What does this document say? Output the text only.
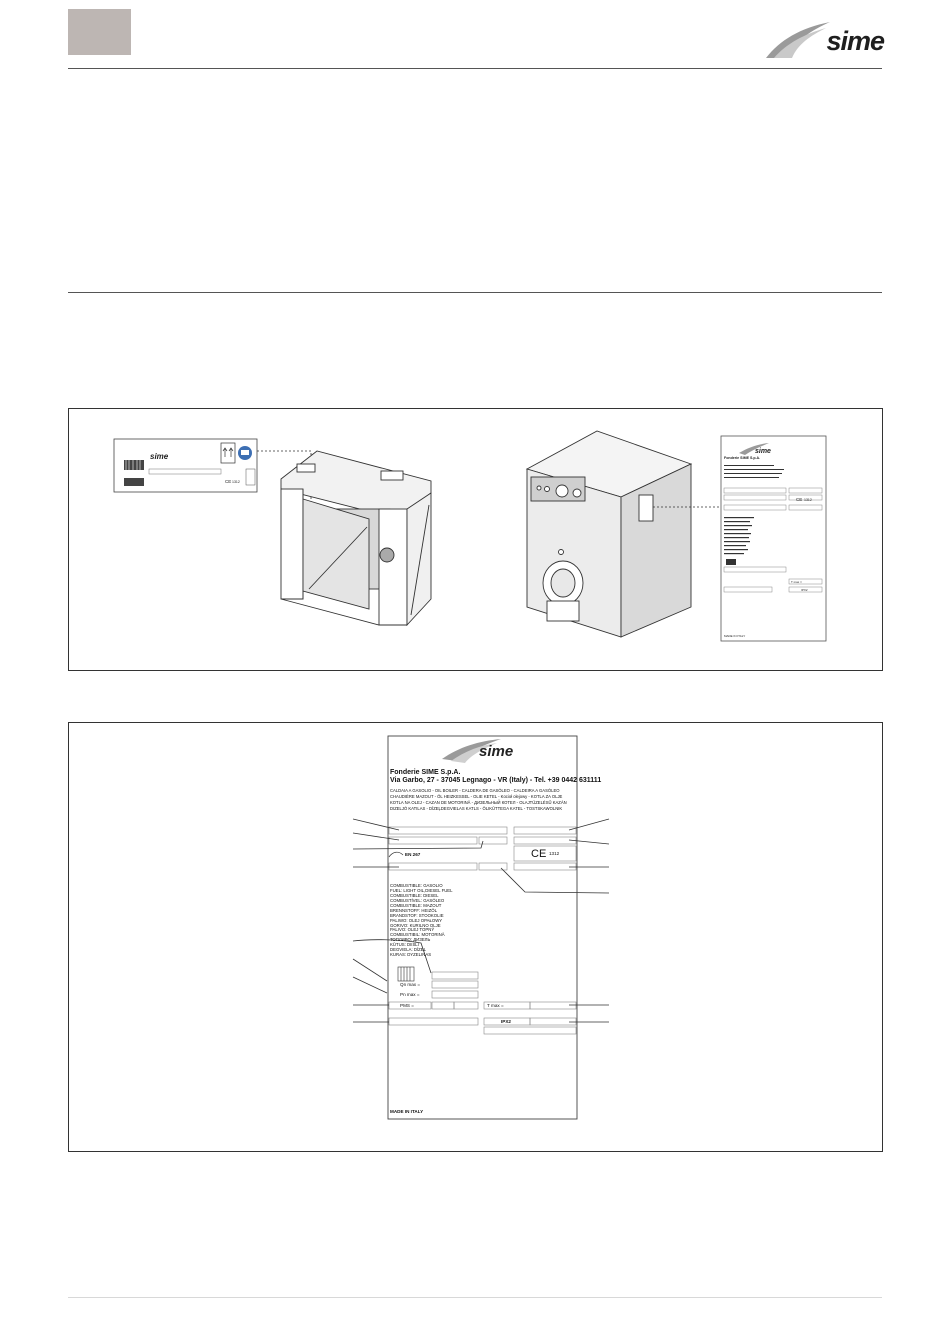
sime
sime
CE 1312
sime
Fonderie SIME S.p.A.
CE 1312
T max =
IPX2
MADE IN ITALY
sime
Fonderie SIME S.p.A.
Via Garbo, 27 - 37045 Legnago - VR (Italy) - Tel. +39 0442 631111
CALDAIA A GASOLIO - OIL BOILER - CALDERA DE GASÓLEO - CALDEIRA A GASÓLEO
CHAUDIÈRE MAZOUT - ÖL HEIZKESSEL - OLIE KETEL - Kocioł olejowy - KOTLA ZA OLJE
KOTLA NA OLEJ - CAZAN DE MOTORINĂ - ДИЗЕЛЬНЫЙ КОТЕЛ - OLAJTÜZELÉSŰ KAZÁN
DIZELJÓ KATILAS - DĪZEĻDEGVIELAS KATLS - ÕLIKÜTTEGA KATEL - TOSTSKAWOLNIK
EN 267	CE 1312
COMBUSTIBLE: GASOLIO
FUEL: LIGHT OIL,DIESEL FUEL
COMBUSTIBLE: DIESEL
COMBUSTÍVEL: GASÓLEO
COMBUSTIBLE: MAZOUT
BRENNSTOFF: HEIZÖL
BRANDSTOF: STOOKOLIE
PALIWO: OLEJ OPAŁOWY
GORIVO: KURILNO OLJE
PALIVO: OLEJ TOPNÝ
COMBUSTIBIL: MOTORINĂ
ТОПЛИВО: ДИЗЕЛЬ
KÜTUS: DIISLI
DEGVIELA: DĪZEL
KURAS: DYZELINAS
Qn max =
Pn max =
PMS =	T max =
IPX2
MADE IN ITALY
